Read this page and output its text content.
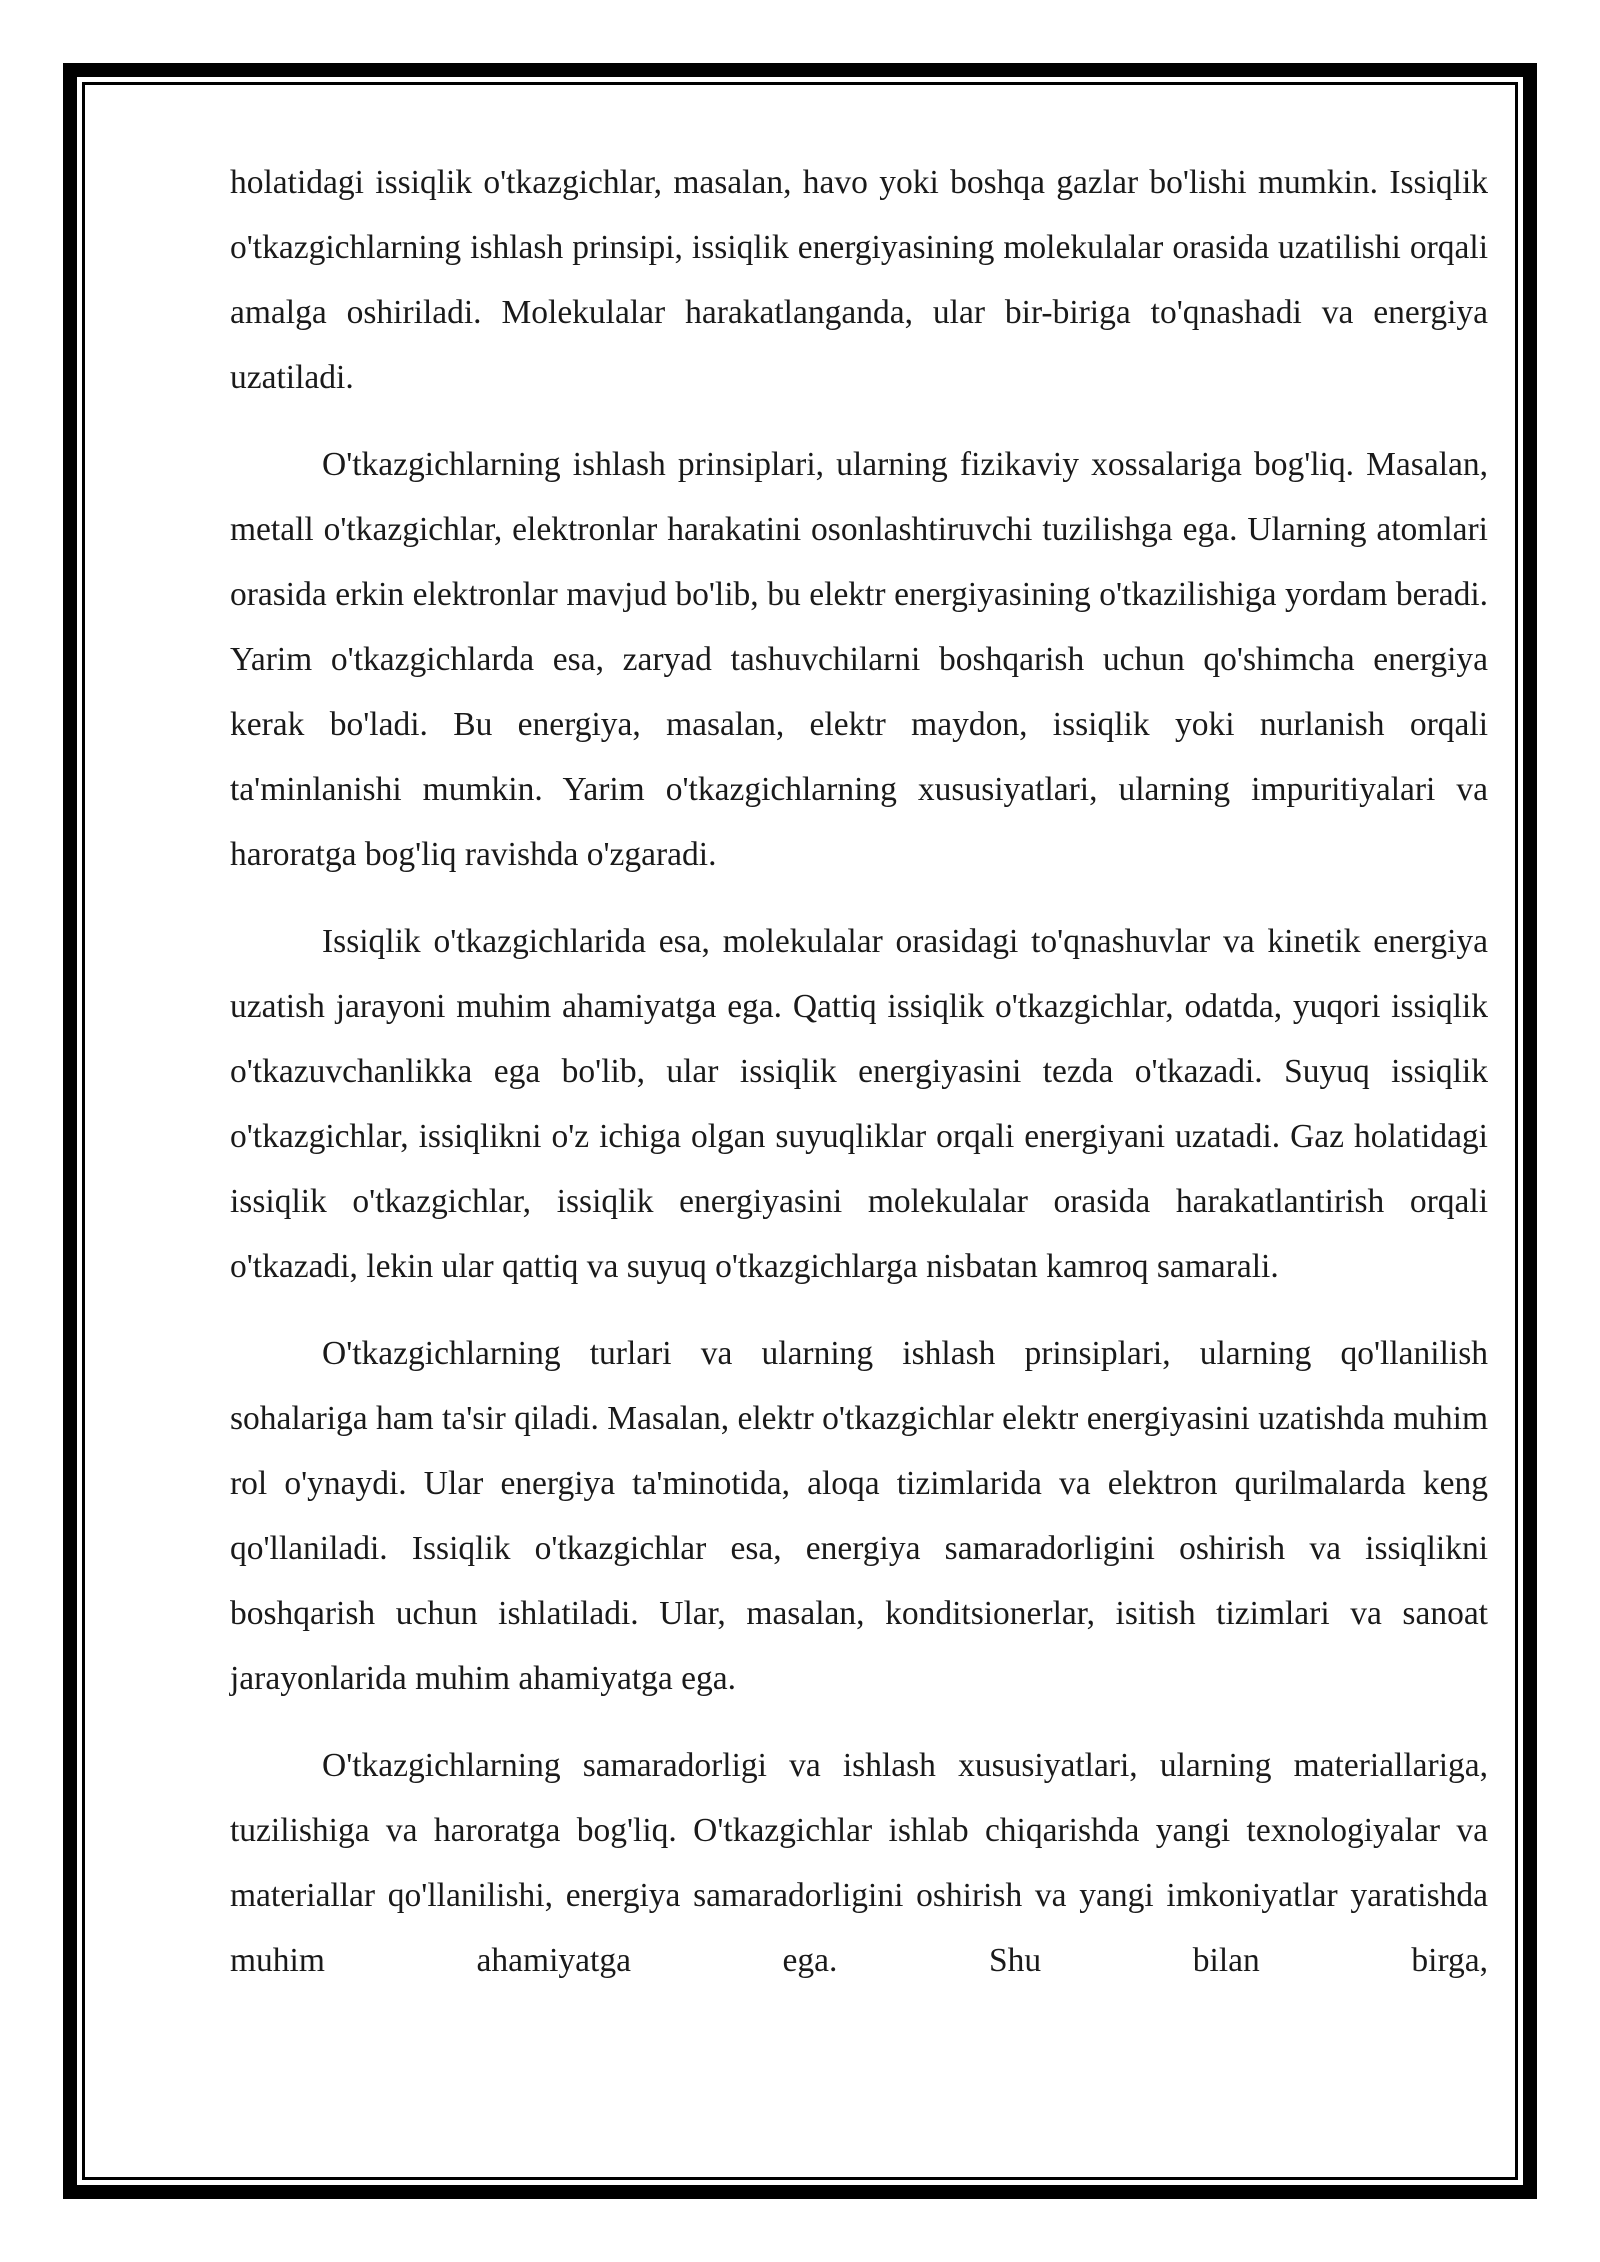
holatidagi issiqlik o'tkazgichlar, masalan, havo yoki boshqa gazlar bo'lishi mumkin. Issiqlik o'tkazgichlarning ishlash prinsipi, issiqlik energiyasining molekulalar orasida uzatilishi orqali amalga oshiriladi. Molekulalar harakatlanganda, ular bir-biriga to'qnashadi va energiya uzatiladi.

O'tkazgichlarning ishlash prinsiplari, ularning fizikaviy xossalariga bog'liq. Masalan, metall o'tkazgichlar, elektronlar harakatini osonlashtiruvchi tuzilishga ega. Ularning atomlari orasida erkin elektronlar mavjud bo'lib, bu elektr energiyasining o'tkazilishiga yordam beradi. Yarim o'tkazgichlarda esa, zaryad tashuvchilarni boshqarish uchun qo'shimcha energiya kerak bo'ladi. Bu energiya, masalan, elektr maydon, issiqlik yoki nurlanish orqali ta'minlanishi mumkin. Yarim o'tkazgichlarning xususiyatlari, ularning impuritiyalari va haroratga bog'liq ravishda o'zgaradi.

Issiqlik o'tkazgichlarida esa, molekulalar orasidagi to'qnashuvlar va kinetik energiya uzatish jarayoni muhim ahamiyatga ega. Qattiq issiqlik o'tkazgichlar, odatda, yuqori issiqlik o'tkazuvchanlikka ega bo'lib, ular issiqlik energiyasini tezda o'tkazadi. Suyuq issiqlik o'tkazgichlar, issiqlikni o'z ichiga olgan suyuqliklar orqali energiyani uzatadi. Gaz holatidagi issiqlik o'tkazgichlar, issiqlik energiyasini molekulalar orasida harakatlantirish orqali o'tkazadi, lekin ular qattiq va suyuq o'tkazgichlarga nisbatan kamroq samarali.

O'tkazgichlarning turlari va ularning ishlash prinsiplari, ularning qo'llanilish sohalariga ham ta'sir qiladi. Masalan, elektr o'tkazgichlar elektr energiyasini uzatishda muhim rol o'ynaydi. Ular energiya ta'minotida, aloqa tizimlarida va elektron qurilmalarda keng qo'llaniladi. Issiqlik o'tkazgichlar esa, energiya samaradorligini oshirish va issiqlikni boshqarish uchun ishlatiladi. Ular, masalan, konditsionerlar, isitish tizimlari va sanoat jarayonlarida muhim ahamiyatga ega.

O'tkazgichlarning samaradorligi va ishlash xususiyatlari, ularning materiallariga, tuzilishiga va haroratga bog'liq. O'tkazgichlar ishlab chiqarishda yangi texnologiyalar va materiallar qo'llanilishi, energiya samaradorligini oshirish va yangi imkoniyatlar yaratishda muhim ahamiyatga ega. Shu bilan birga,
